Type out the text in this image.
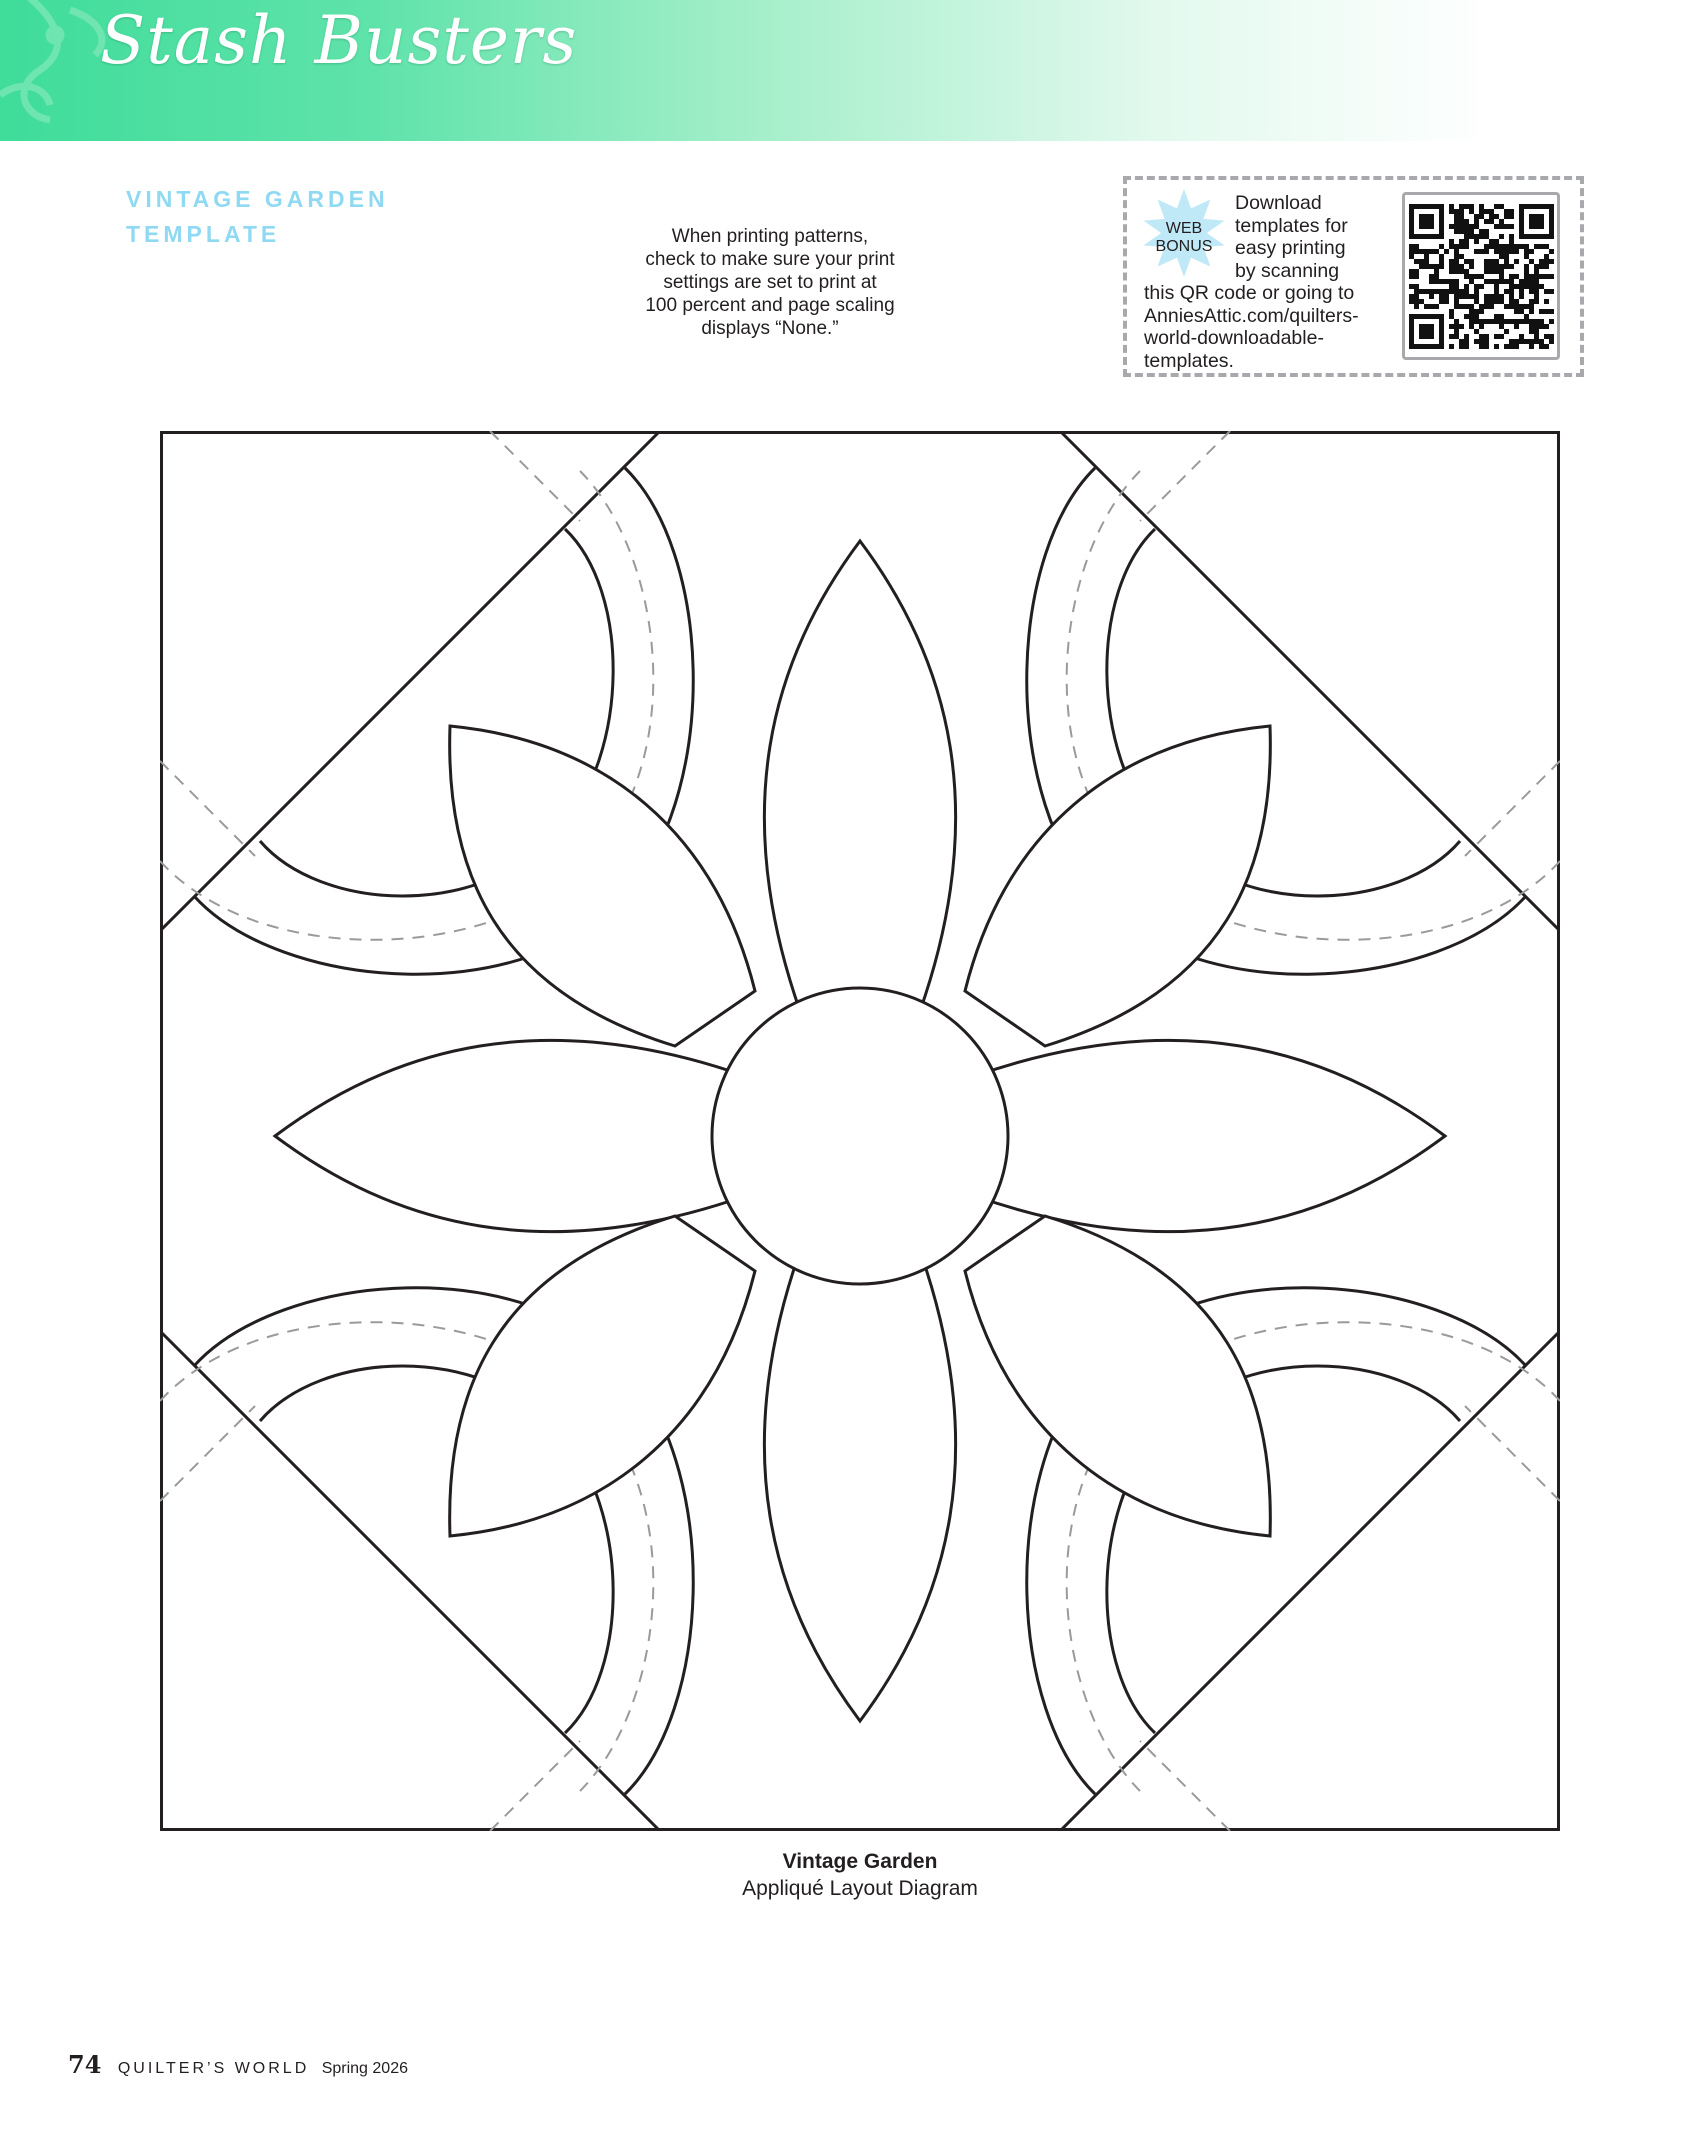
Stash Busters
VINTAGE GARDEN
TEMPLATE	When printing patterns,
check to make sure your print
settings are set to print at
100 percent and page scaling
displays “None.”
WEB
BONUS
Download
templates for
easy printing
by scanning
this QR code or going to
AnniesAttic.com/quilters-
world-downloadable-
templates.
Vintage Garden
Appliqué Layout Diagram
74 QUILTER’S WORLD Spring 2026
